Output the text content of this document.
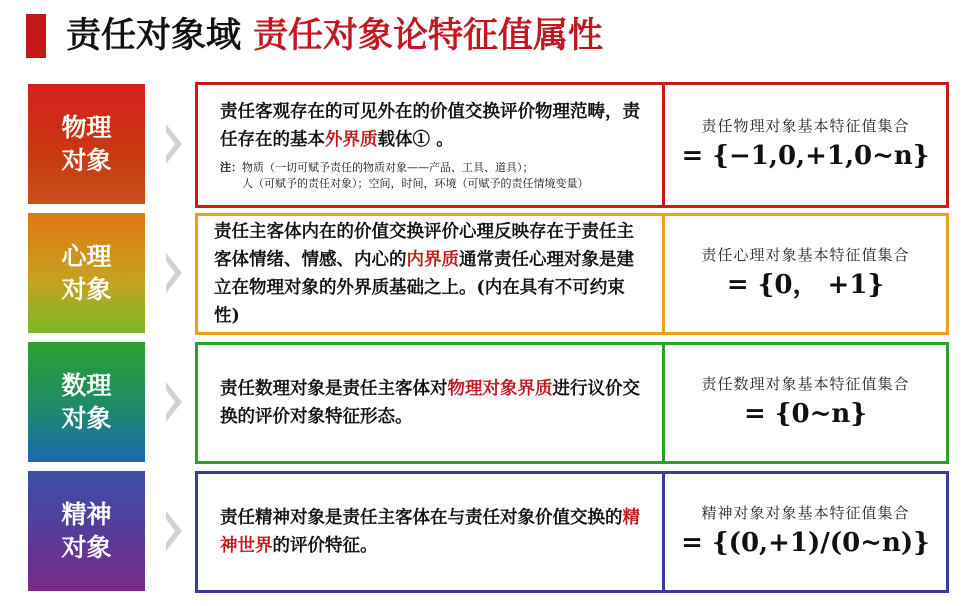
责任对象域 责任对象论特征值属性
物理
对象
责任客观存在的可见外在的价值交换评价物理范畴，责任存在的基本外界质载体① 。
注：物质（一切可赋予责任的物质对象——产品、工具、道具）；
人（可赋予的责任对象）；空间，时间，环境（可赋予的责任情境变量）
责任物理对象基本特征值集合
= {−1,0,+1,0~n}
心理
对象
责任主客体内在的价值交换评价心理反映存在于责任主客体情绪、情感、内心的内界质通常责任心理对象是建立在物理对象的外界质基础之上。(内在具有不可约束性)
责任心理对象基本特征值集合
= {0， +1}
数理
对象
责任数理对象是责任主客体对物理对象界质进行议价交换的评价对象特征形态。
责任数理对象基本特征值集合
= {0~n}
精神
对象
责任精神对象是责任主客体在与责任对象价值交换的精神世界的评价特征。
精神对象对象基本特征值集合
= {(0,+1)/(0~n)}
